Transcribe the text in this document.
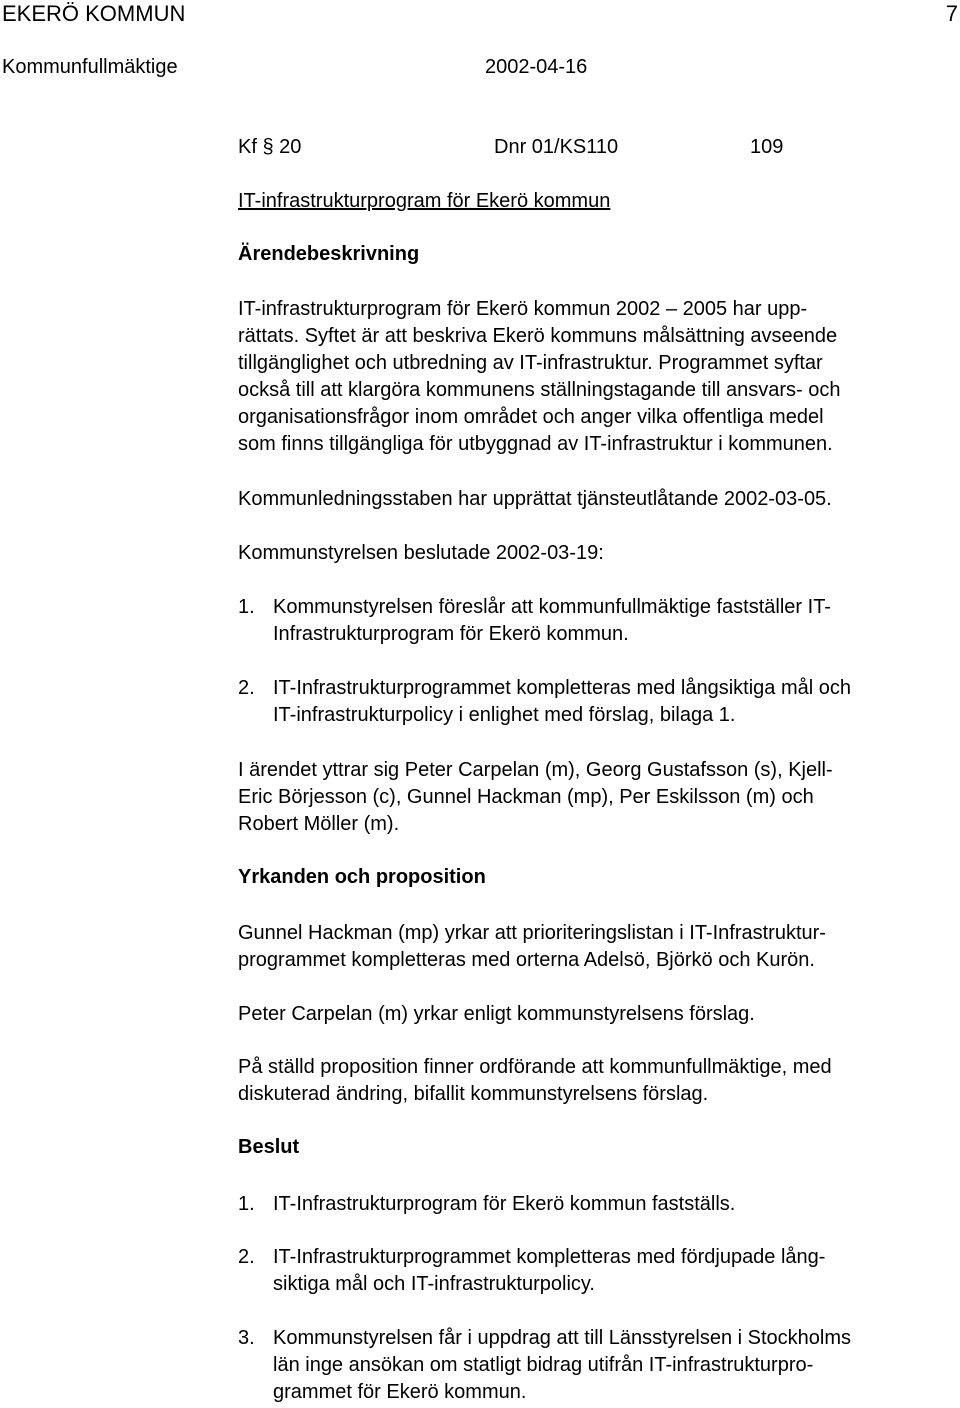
EKERÖ KOMMUN	7
Kommunfullmäktige	2002-04-16
Kf § 20	Dnr 01/KS110	109
IT-infrastrukturprogram för Ekerö kommun
Ärendebeskrivning
IT-infrastrukturprogram för Ekerö kommun 2002 – 2005 har upp-
rättats. Syftet är att beskriva Ekerö kommuns målsättning avseende
tillgänglighet och utbredning av IT-infrastruktur. Programmet syftar
också till att klargöra kommunens ställningstagande till ansvars- och
organisationsfrågor inom området och anger vilka offentliga medel
som finns tillgängliga för utbyggnad av IT-infrastruktur i kommunen.
Kommunledningsstaben har upprättat tjänsteutlåtande 2002-03-05.
Kommunstyrelsen beslutade 2002-03-19:
1. Kommunstyrelsen föreslår att kommunfullmäktige fastställer IT-
Infrastrukturprogram för Ekerö kommun.
2. IT-Infrastrukturprogrammet kompletteras med långsiktiga mål och
IT-infrastrukturpolicy i enlighet med förslag, bilaga 1.
I ärendet yttrar sig Peter Carpelan (m), Georg Gustafsson (s), Kjell-
Eric Börjesson (c), Gunnel Hackman (mp), Per Eskilsson (m) och
Robert Möller (m).
Yrkanden och proposition
Gunnel Hackman (mp) yrkar att prioriteringslistan i IT-Infrastruktur-
programmet kompletteras med orterna Adelsö, Björkö och Kurön.
Peter Carpelan (m) yrkar enligt kommunstyrelsens förslag.
På ställd proposition finner ordförande att kommunfullmäktige, med
diskuterad ändring, bifallit kommunstyrelsens förslag.
Beslut
1. IT-Infrastrukturprogram för Ekerö kommun fastställs.
2. IT-Infrastrukturprogrammet kompletteras med fördjupade lång-
siktiga mål och IT-infrastrukturpolicy.
3. Kommunstyrelsen får i uppdrag att till Länsstyrelsen i Stockholms
län inge ansökan om statligt bidrag utifrån IT-infrastrukturpro-
grammet för Ekerö kommun.
